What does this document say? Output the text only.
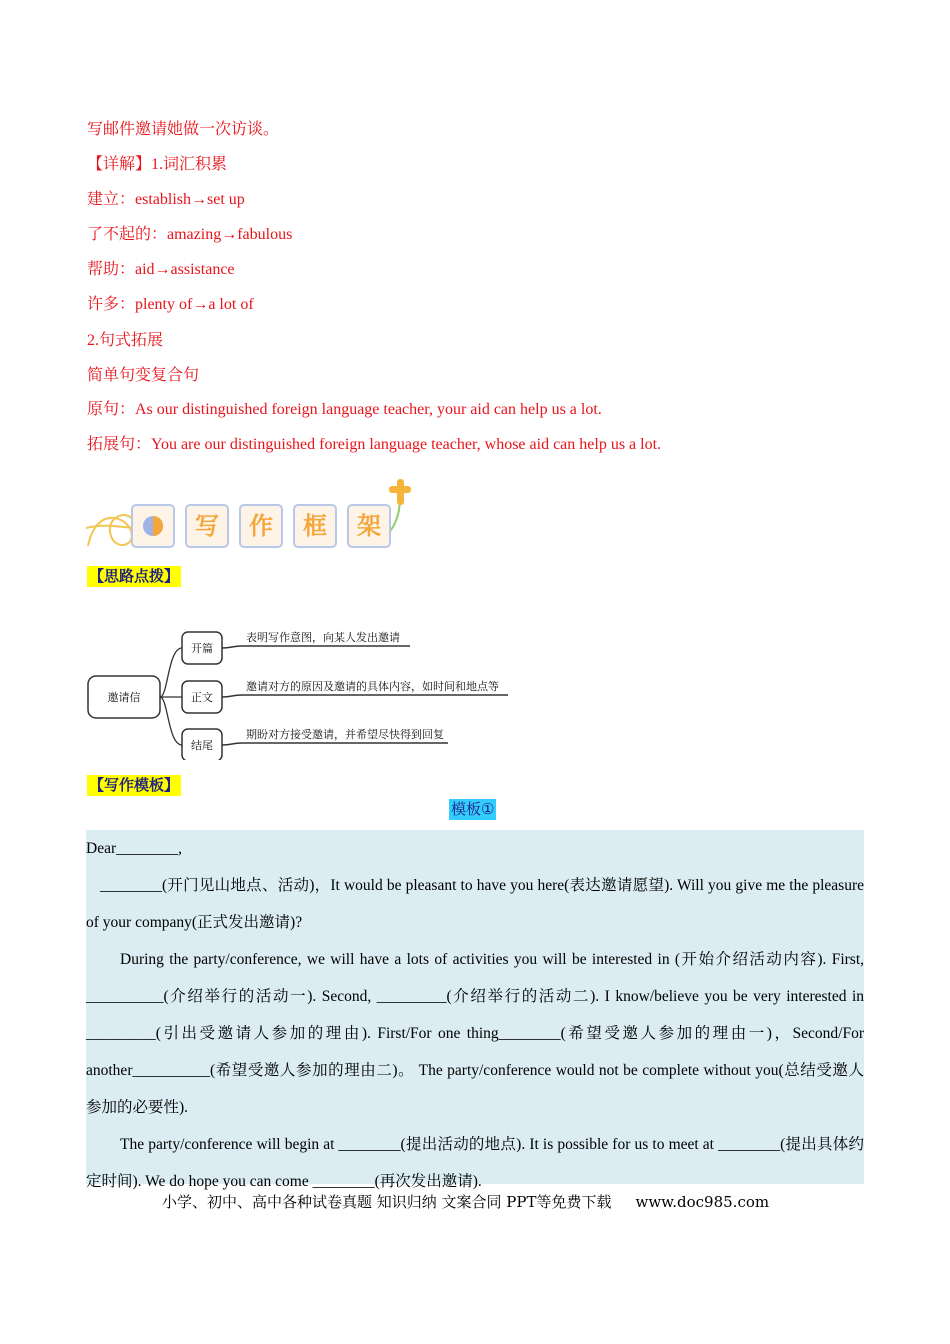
写邮件邀请她做一次访谈。
【详解】1.词汇积累
建立：establish→set up
了不起的：amazing→fabulous
帮助：aid→assistance
许多：plenty of→a lot of
2.句式拓展
简单句变复合句
原句：As our distinguished foreign language teacher, your aid can help us a lot.
拓展句：You are our distinguished foreign language teacher, whose aid can help us a lot.
写	作	框	架
【思路点拨】
邀请信
开篇
正文
结尾
表明写作意图，向某人发出邀请
邀请对方的原因及邀请的具体内容，如时间和地点等
期盼对方接受邀请，并希望尽快得到回复
【写作模板】
模板①

Dear________,

________(开门见山地点、活动)，It would be pleasant to have you here(表达邀请愿望). Will you give me the pleasure of your company(正式发出邀请)?

During the party/conference, we will have a lots of activities you will be interested in (开始介绍活动内容). First, __________(介绍举行的活动一). Second, _________(介绍举行的活动二). I know/believe you be very interested in _________(引出受邀请人参加的理由). First/For one thing________(希望受邀人参加的理由一)，Second/For another__________(希望受邀人参加的理由二)。 The party/conference would not be complete without you(总结受邀人参加的必要性).

The party/conference will begin at ________(提出活动的地点). It is possible for us to meet at ________(提出具体约定时间). We do hope you can come ________(再次发出邀请).

小学、初中、高中各种试卷真题 知识归纳 文案合同 PPT等免费下载 www.doc985.com
